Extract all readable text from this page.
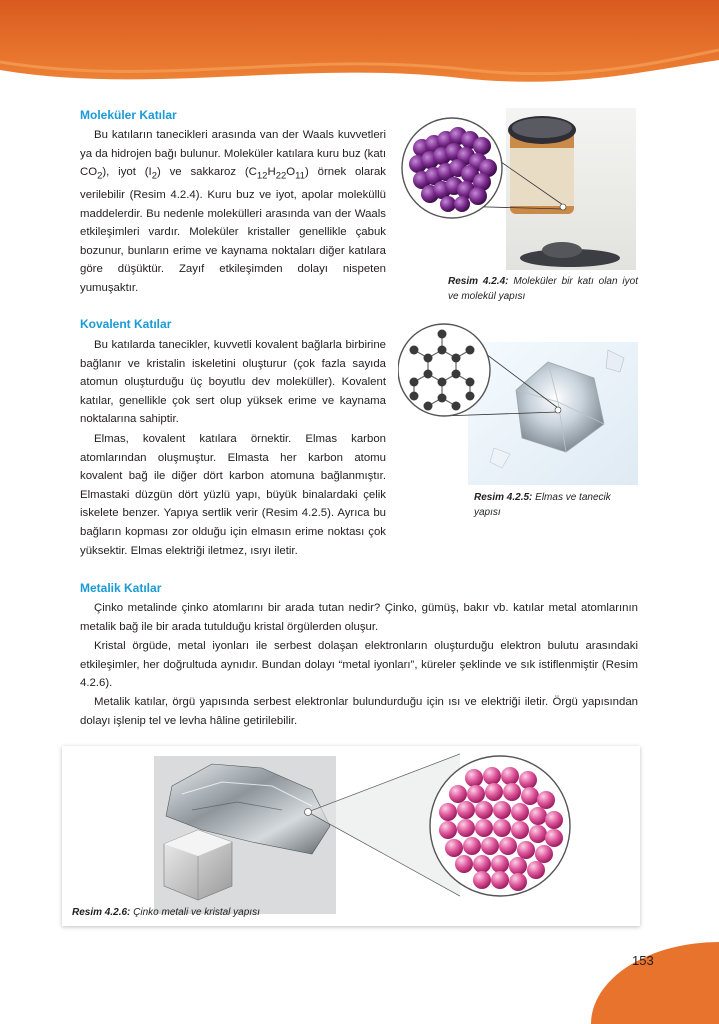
Moleküler Katılar

Bu katıların tanecikleri arasında van der Waals kuvvetleri ya da hidrojen bağı bulunur. Moleküler katılara kuru buz (katı $CO_2$), iyot $(I_2)$ ve sakkaroz $(C_{12}H_{22}O_{11})$ örnek olarak verilebilir (Resim 4.2.4). Kuru buz ve iyot, apolar moleküllü maddelerdir. Bu nedenle molekülleri arasında van der Waals etkileşimleri vardır. Moleküler kristaller genellikle çabuk bozunur, bunların erime ve kaynama noktaları diğer katılara göre düşüktür. Zayıf etkileşimden dolayı nispeten yumuşaktır.

Resim 4.2.4: Moleküler bir katı olan iyot ve molekül yapısı
Kovalent Katılar

Bu katılarda tanecikler, kuvvetli kovalent bağlarla birbirine bağlanır ve kristalin iskeletini oluşturur (çok fazla sayıda atomun oluşturduğu üç boyutlu dev moleküller). Kovalent katılar, genellikle çok sert olup yüksek erime ve kaynama noktalarına sahiptir.

Elmas, kovalent katılara örnektir. Elmas karbon atomlarından oluşmuştur. Elmasta her karbon atomu kovalent bağ ile diğer dört karbon atomuna bağlanmıştır. Elmastaki düzgün dört yüzlü yapı, büyük binalardaki çelik iskelete benzer. Yapıya sertlik verir (Resim 4.2.5). Ayrıca bu bağların kopması zor olduğu için elmasın erime noktası çok yüksektir. Elmas elektriği iletmez, ısıyı iletir.

Resim 4.2.5: Elmas ve tanecik yapısı
Metalik Katılar

Çinko metalinde çinko atomlarını bir arada tutan nedir? Çinko, gümüş, bakır vb. katılar metal atomlarının metalik bağ ile bir arada tutulduğu kristal örgülerden oluşur.

Kristal örgüde, metal iyonları ile serbest dolaşan elektronların oluşturduğu elektron bulutu arasındaki etkileşimler, her doğrultuda aynıdır. Bundan dolayı “metal iyonları”, küreler şeklinde ve sık istiflenmiştir (Resim 4.2.6).

Metalik katılar, örgü yapısında serbest elektronlar bulundurduğu için ısı ve elektriği iletir. Örgü yapısından dolayı işlenip tel ve levha hâline getirilebilir.

Resim 4.2.6: Çinko metali ve kristal yapısı
153
